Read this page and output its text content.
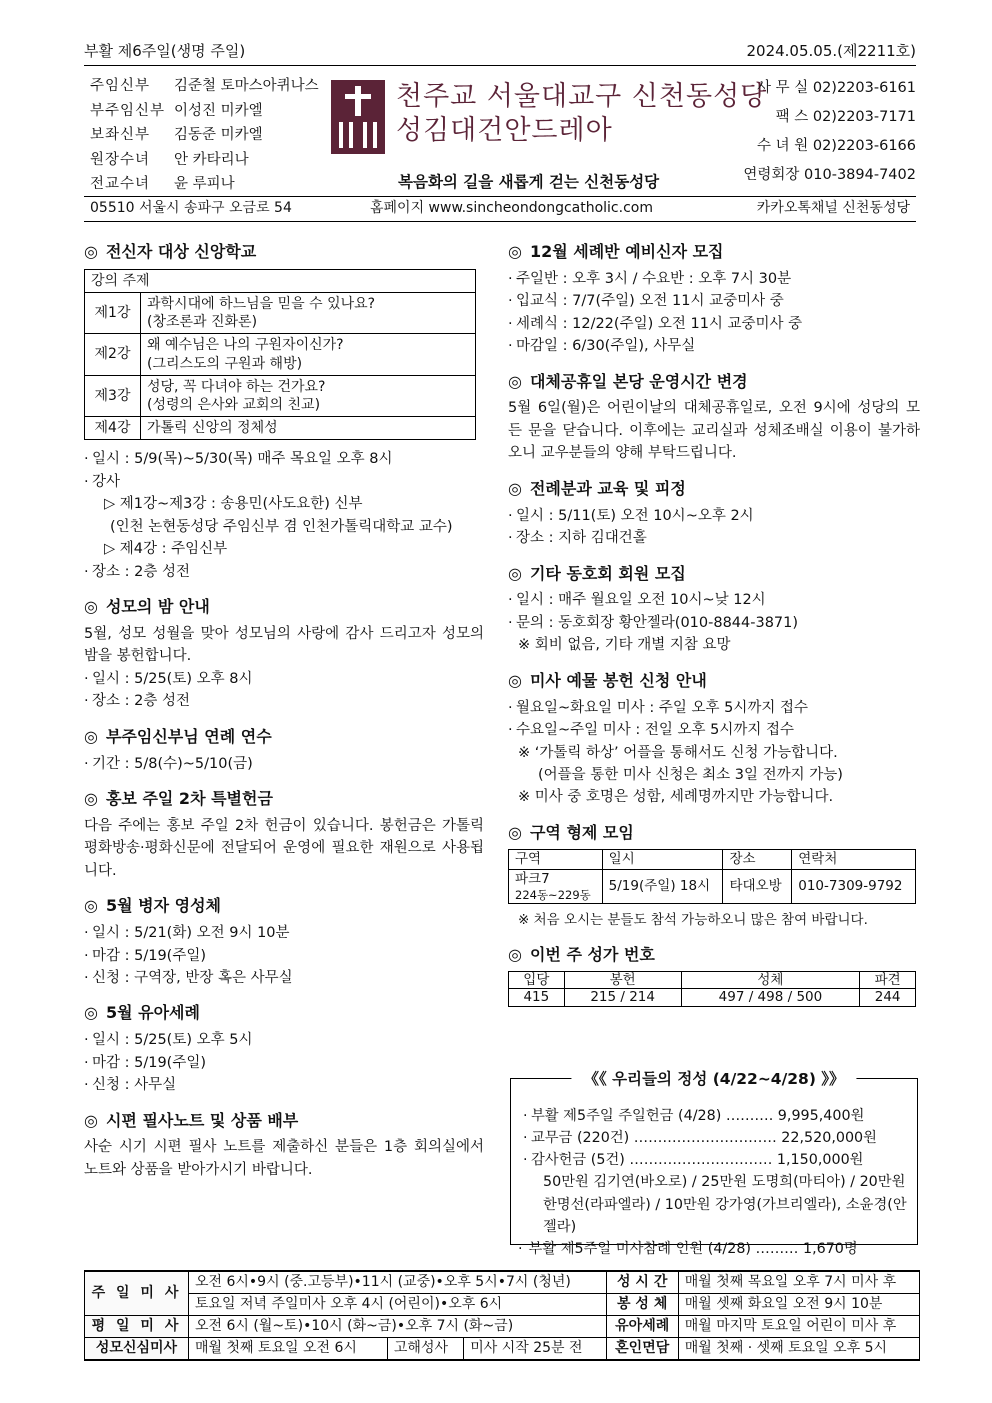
부활 제6주일(생명 주일)	2024.05.05.(제2211호)
주임신부	김준철 토마스아퀴나스
부주임신부 이성진 미카엘
보좌신부	김동준 미카엘
원장수녀	안 카타리나
전교수녀	윤 루피나
천주교 서울대교구 신천동성당
성김대건안드레아
복음화의 길을 새롭게 걷는 신천동성당
사 무 실 02)2203-6161
팩 스 02)2203-7171
수 녀 원 02)2203-6166
연령회장 010-3894-7402
05510 서울시 송파구 오금로 54	홈페이지 www.sincheondongcatholic.com	카카오톡채널 신천동성당
◎ 전신자 대상 신앙학교
강의 주제	
제1강	과학시대에 하느님을 믿을 수 있나요?
(창조론과 진화론)

제2강	왜 예수님은 나의 구원자이신가?
(그리스도의 구원과 해방)

제3강	성당, 꼭 다녀야 하는 건가요?
(성령의 은사와 교회의 친교)

제4강	가톨릭 신앙의 정체성
· 일시 : 5/9(목)~5/30(목) 매주 목요일 오후 8시
· 강사
▷ 제1강~제3강 : 송용민(사도요한) 신부
(인천 논현동성당 주임신부 겸 인천가톨릭대학교 교수)
▷ 제4강 : 주임신부
· 장소 : 2층 성전
◎ 성모의 밤 안내
5월, 성모 성월을 맞아 성모님의 사랑에 감사 드리고자 성모의 밤을 봉헌합니다.
· 일시 : 5/25(토) 오후 8시
· 장소 : 2층 성전
◎ 부주임신부님 연례 연수
· 기간 : 5/8(수)~5/10(금)
◎ 홍보 주일 2차 특별헌금
다음 주에는 홍보 주일 2차 헌금이 있습니다. 봉헌금은 가톨릭평화방송·평화신문에 전달되어 운영에 필요한 재원으로 사용됩니다.
◎ 5월 병자 영성체
· 일시 : 5/21(화) 오전 9시 10분
· 마감 : 5/19(주일)
· 신청 : 구역장, 반장 혹은 사무실
◎ 5월 유아세례
· 일시 : 5/25(토) 오후 5시
· 마감 : 5/19(주일)
· 신청 : 사무실
◎ 시편 필사노트 및 상품 배부
사순 시기 시편 필사 노트를 제출하신 분들은 1층 회의실에서 노트와 상품을 받아가시기 바랍니다.
◎ 12월 세례반 예비신자 모집
· 주일반 : 오후 3시 / 수요반 : 오후 7시 30분
· 입교식 : 7/7(주일) 오전 11시 교중미사 중
· 세례식 : 12/22(주일) 오전 11시 교중미사 중
· 마감일 : 6/30(주일), 사무실
◎ 대체공휴일 본당 운영시간 변경
5월 6일(월)은 어린이날의 대체공휴일로, 오전 9시에 성당의 모든 문을 닫습니다. 이후에는 교리실과 성체조배실 이용이 불가하오니 교우분들의 양해 부탁드립니다.
◎ 전례분과 교육 및 피정
· 일시 : 5/11(토) 오전 10시~오후 2시
· 장소 : 지하 김대건홀
◎ 기타 동호회 회원 모집
· 일시 : 매주 월요일 오전 10시~낮 12시
· 문의 : 동호회장 황안젤라(010-8844-3871)
※ 회비 없음, 기타 개별 지참 요망
◎ 미사 예물 봉헌 신청 안내
· 월요일~화요일 미사 : 주일 오후 5시까지 접수
· 수요일~주일 미사 : 전일 오후 5시까지 접수
※ ‘가톨릭 하상’ 어플을 통해서도 신청 가능합니다.
(어플을 통한 미사 신청은 최소 3일 전까지 가능)
※ 미사 중 호명은 성함, 세례명까지만 가능합니다.
◎ 구역 형제 모임
구역	일시	장소	연락처

파크7
224동~229동	5/19(주일) 18시	타대오방	010-7309-9792
※ 처음 오시는 분들도 참석 가능하오니 많은 참여 바랍니다.
◎ 이번 주 성가 번호
입당	봉헌	성체	파견
415	215 / 214	497 / 498 / 500	244
《《 우리들의 정성 (4/22~4/28) 》》
· 부활 제5주일 주일헌금 (4/28) ………. 9,995,400원
· 교무금 (220건) ………………………… 22,520,000원
· 감사헌금 (5건) ………………………… 1,150,000원
50만원 김기연(바오로) / 25만원 도명희(마티아) / 20만원 한명선(라파엘라) / 10만원 강가영(가브리엘라), 소윤경(안젤라)
· 부활 제5주일 미사참례 인원 (4/28) ……… 1,670명
주 일 미 사	오전 6시•9시 (중.고등부)•11시 (교중)•오후 5시•7시 (청년)			성 시 간	매월 첫째 목요일 오후 7시 미사 후
	토요일 저녁 주일미사 오후 4시 (어린이)•오후 6시			봉 성 체	매월 셋째 화요일 오전 9시 10분
평 일 미 사	오전 6시 (월~토)•10시 (화~금)•오후 7시 (화~금)			유아세례	매월 마지막 토요일 어린이 미사 후
성모신심미사	매월 첫째 토요일 오전 6시	고해성사	미사 시작 25분 전	혼인면담	매월 첫째 · 셋째 토요일 오후 5시
